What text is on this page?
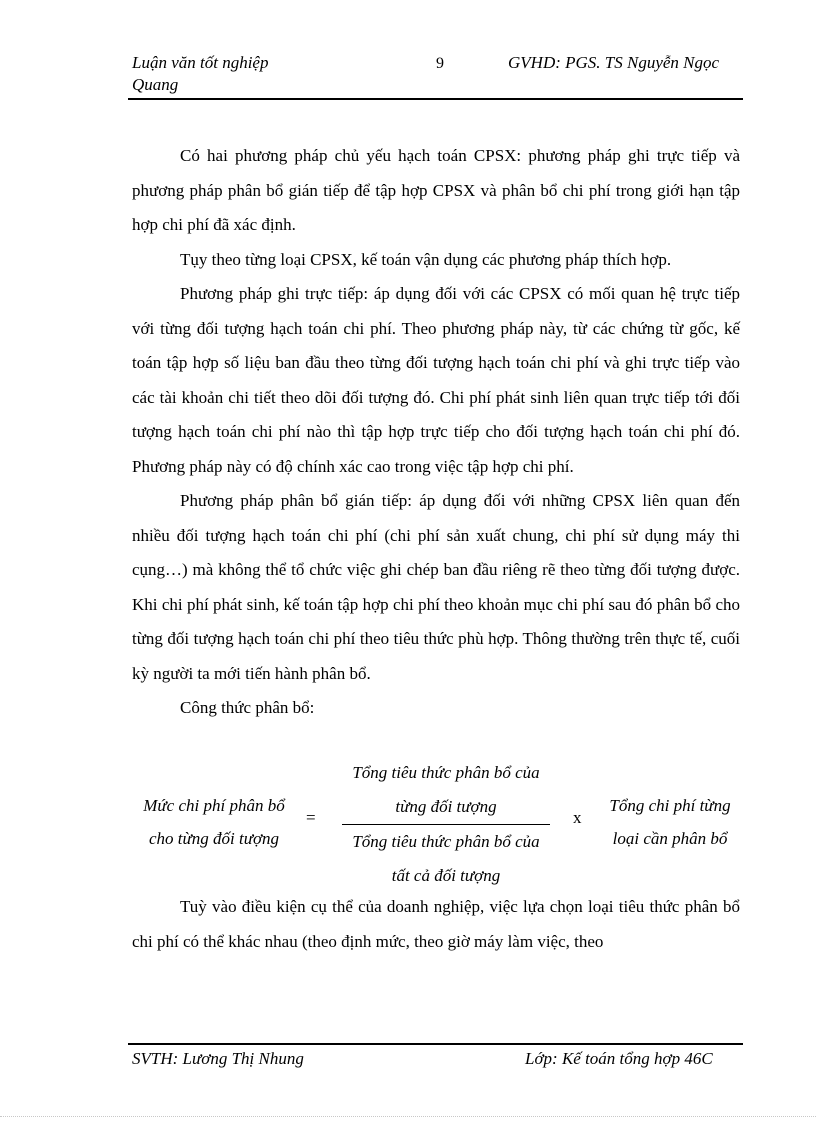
Luận văn tốt nghiệp
Quang
9	GVHD: PGS. TS Nguyễn Ngọc

Có hai phương pháp chủ yếu hạch toán CPSX: phương pháp ghi trực tiếp và phương pháp phân bổ gián tiếp để tập hợp CPSX và phân bổ chi phí trong giới hạn tập hợp chi phí đã xác định.

Tụy theo từng loại CPSX, kế toán vận dụng các phương pháp thích hợp.

Phương pháp ghi trực tiếp: áp dụng đối với các CPSX có mối quan hệ trực tiếp với từng đối tượng hạch toán chi phí. Theo phương pháp này, từ các chứng từ gốc, kế toán tập hợp số liệu ban đầu theo từng đối tượng hạch toán chi phí và ghi trực tiếp vào các tài khoản chi tiết theo dõi đối tượng đó. Chi phí phát sinh liên quan trực tiếp tới đối tượng hạch toán chi phí nào thì tập hợp trực tiếp cho đối tượng hạch toán chi phí đó. Phương pháp này có độ chính xác cao trong việc tập hợp chi phí.

Phương pháp phân bổ gián tiếp: áp dụng đối với những CPSX liên quan đến nhiều đối tượng hạch toán chi phí (chi phí sản xuất chung, chi phí sử dụng máy thi cụng…) mà không thể tổ chức việc ghi chép ban đầu riêng rẽ theo từng đối tượng được. Khi chi phí phát sinh, kế toán tập hợp chi phí theo khoản mục chi phí sau đó phân bổ cho từng đối tượng hạch toán chi phí theo tiêu thức phù hợp. Thông thường trên thực tế, cuối kỳ người ta mới tiến hành phân bổ.

Công thức phân bổ:

Mức chi phí phân bổ
cho từng đối tượng
=
Tổng tiêu thức phân bổ của
từng đối tượng
Tổng tiêu thức phân bổ của
tất cả đối tượng
x
Tổng chi phí từng
loại cần phân bổ

Tuỳ vào điều kiện cụ thể của doanh nghiệp, việc lựa chọn loại tiêu thức phân bổ chi phí có thể khác nhau (theo định mức, theo giờ máy làm việc, theo

SVTH: Lương Thị Nhung	Lớp: Kế toán tổng hợp 46C
